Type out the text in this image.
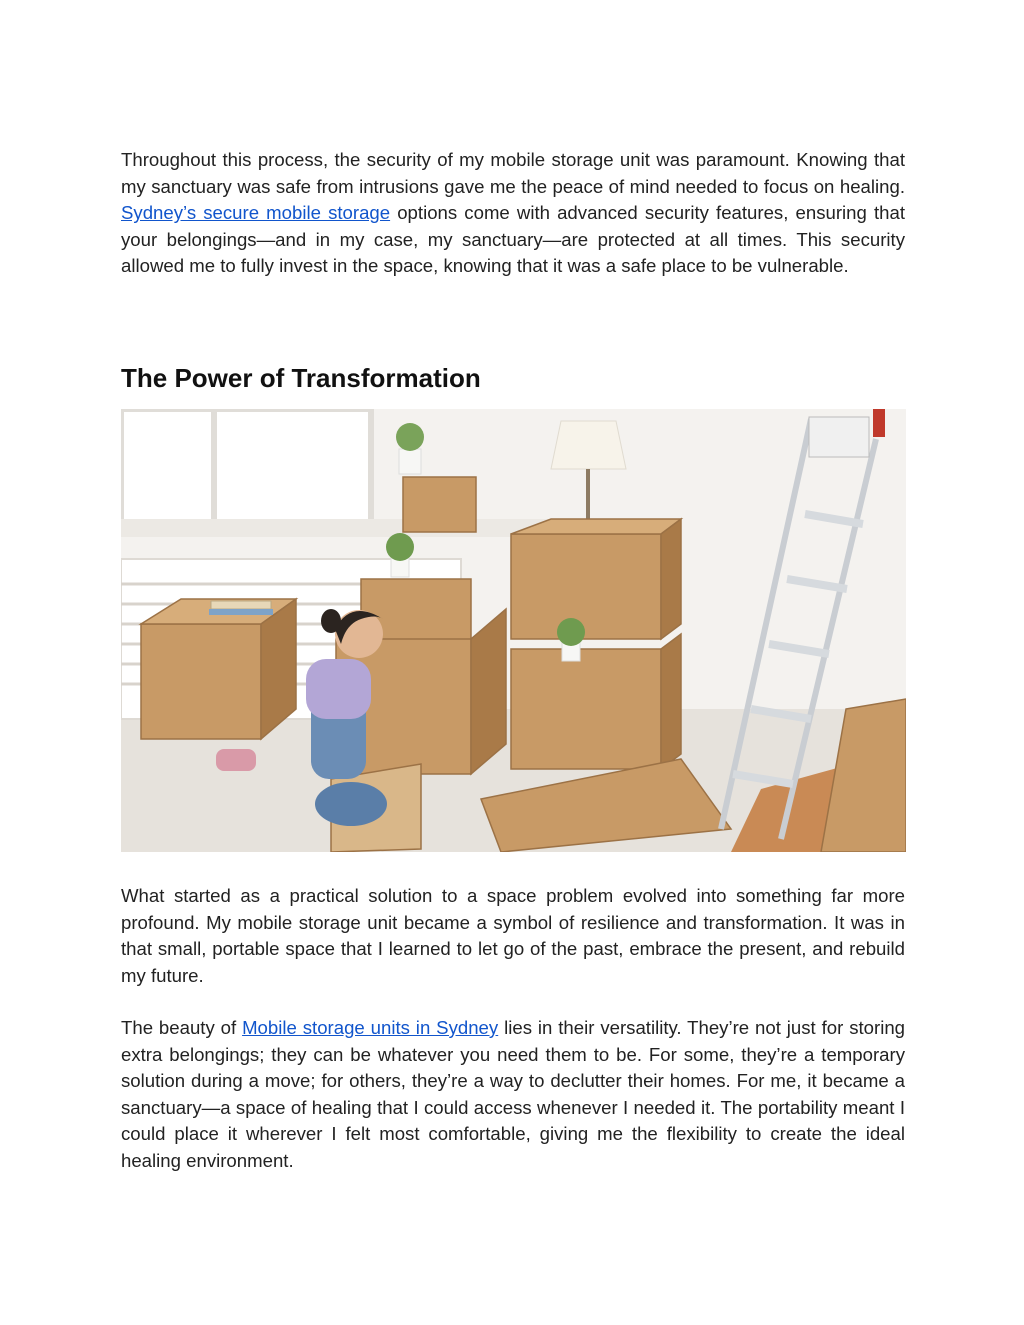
Throughout this process, the security of my mobile storage unit was paramount. Knowing that my sanctuary was safe from intrusions gave me the peace of mind needed to focus on healing. Sydney’s secure mobile storage options come with advanced security features, ensuring that your belongings—and in my case, my sanctuary—are protected at all times. This security allowed me to fully invest in the space, knowing that it was a safe place to be vulnerable.

The Power of Transformation

What started as a practical solution to a space problem evolved into something far more profound. My mobile storage unit became a symbol of resilience and transformation. It was in that small, portable space that I learned to let go of the past, embrace the present, and rebuild my future.

The beauty of Mobile storage units in Sydney lies in their versatility. They’re not just for storing extra belongings; they can be whatever you need them to be. For some, they’re a temporary solution during a move; for others, they’re a way to declutter their homes. For me, it became a sanctuary—a space of healing that I could access whenever I needed it. The portability meant I could place it wherever I felt most comfortable, giving me the flexibility to create the ideal healing environment.
